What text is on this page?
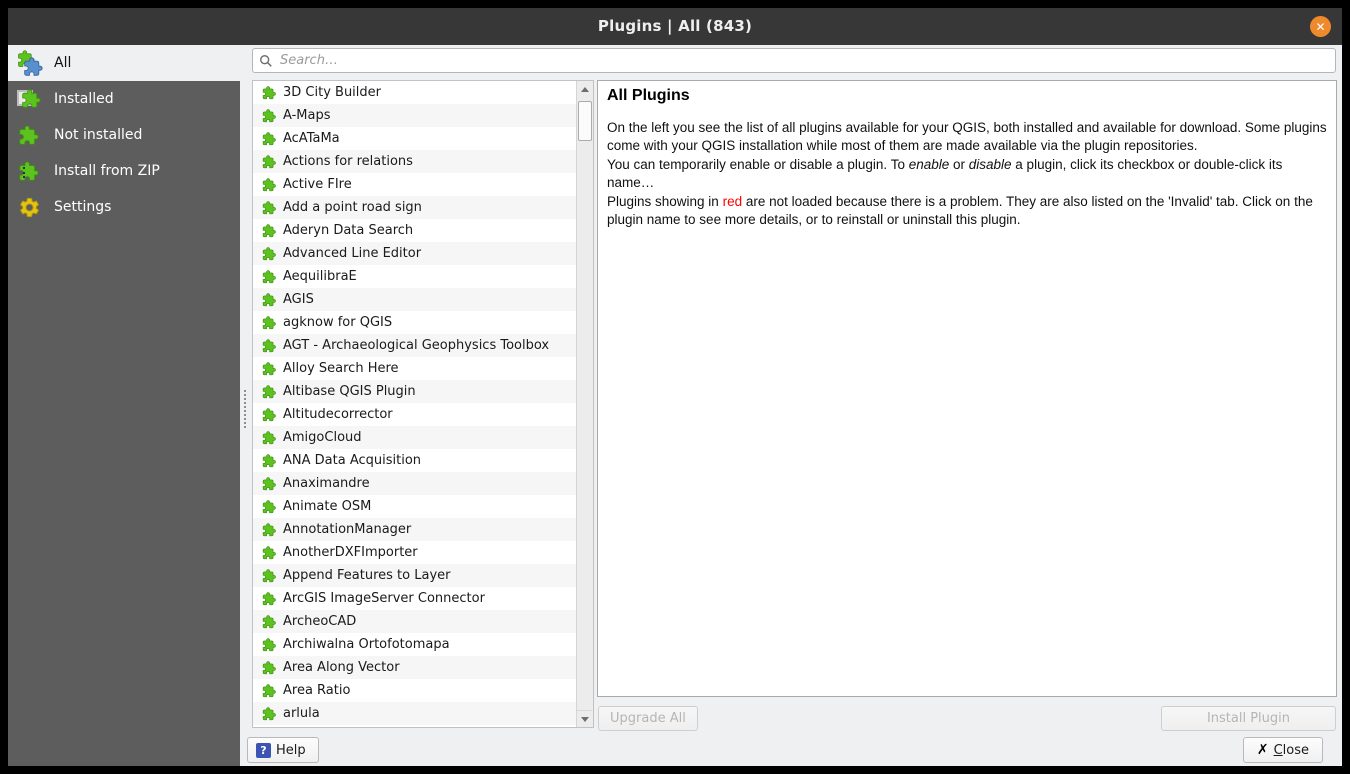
Plugins | All (843)	✕
All
Installed
Not installed
Install from ZIP
Settings
Search…
3D City Builder
A-Maps
AcATaMa
Actions for relations
Active FIre
Add a point road sign
Aderyn Data Search
Advanced Line Editor
AequilibraE
AGIS
agknow for QGIS
AGT - Archaeological Geophysics Toolbox
Alloy Search Here
Altibase QGIS Plugin
Altitudecorrector
AmigoCloud
ANA Data Acquisition
Anaximandre
Animate OSM
AnnotationManager
AnotherDXFImporter
Append Features to Layer
ArcGIS ImageServer Connector
ArcheoCAD
Archiwalna Ortofotomapa
Area Along Vector
Area Ratio
arlula
All Plugins

On the left you see the list of all plugins available for your QGIS, both installed and available for download. Some plugins come with your QGIS installation while most of them are made available via the plugin repositories.

You can temporarily enable or disable a plugin. To enable or disable a plugin, click its checkbox or double-click its name…

Plugins showing in red are not loaded because there is a problem. They are also listed on the 'Invalid' tab. Click on the plugin name to see more details, or to reinstall or uninstall this plugin.

Upgrade All	Install Plugin
? Help	✗ Close
